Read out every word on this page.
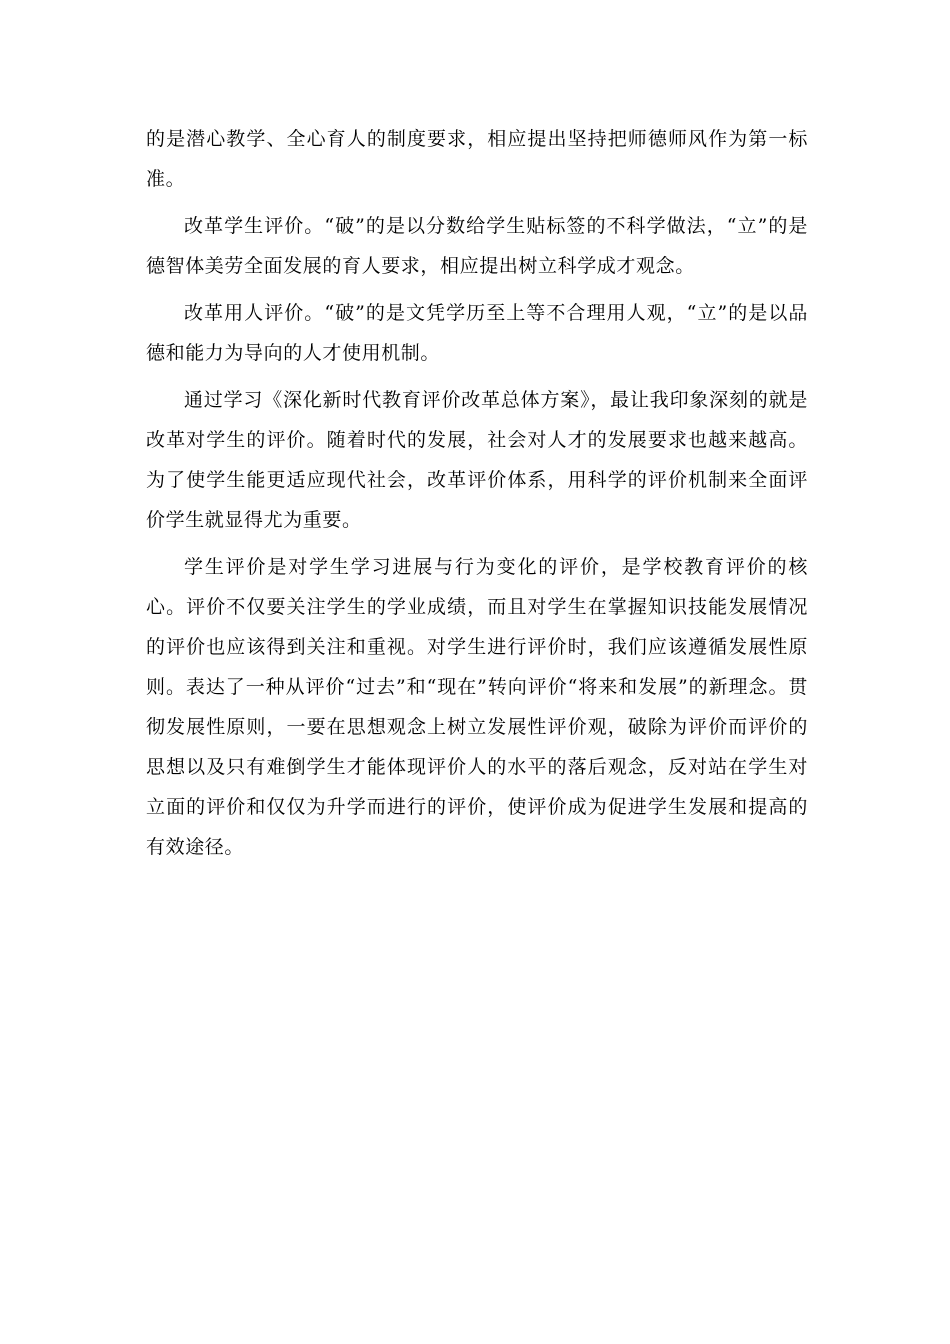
的是潜心教学、全心育人的制度要求，相应提出坚持把师德师风作为第一标准。

改革学生评价。“破”的是以分数给学生贴标签的不科学做法，“立”的是德智体美劳全面发展的育人要求，相应提出树立科学成才观念。

改革用人评价。“破”的是文凭学历至上等不合理用人观，“立”的是以品德和能力为导向的人才使用机制。

通过学习《深化新时代教育评价改革总体方案》，最让我印象深刻的就是改革对学生的评价。随着时代的发展，社会对人才的发展要求也越来越高。为了使学生能更适应现代社会，改革评价体系，用科学的评价机制来全面评价学生就显得尤为重要。

学生评价是对学生学习进展与行为变化的评价，是学校教育评价的核心。评价不仅要关注学生的学业成绩，而且对学生在掌握知识技能发展情况的评价也应该得到关注和重视。对学生进行评价时，我们应该遵循发展性原则。表达了一种从评价“过去”和“现在”转向评价“将来和发展”的新理念。贯彻发展性原则，一要在思想观念上树立发展性评价观，破除为评价而评价的思想以及只有难倒学生才能体现评价人的水平的落后观念，反对站在学生对立面的评价和仅仅为升学而进行的评价，使评价成为促进学生发展和提高的有效途径。
